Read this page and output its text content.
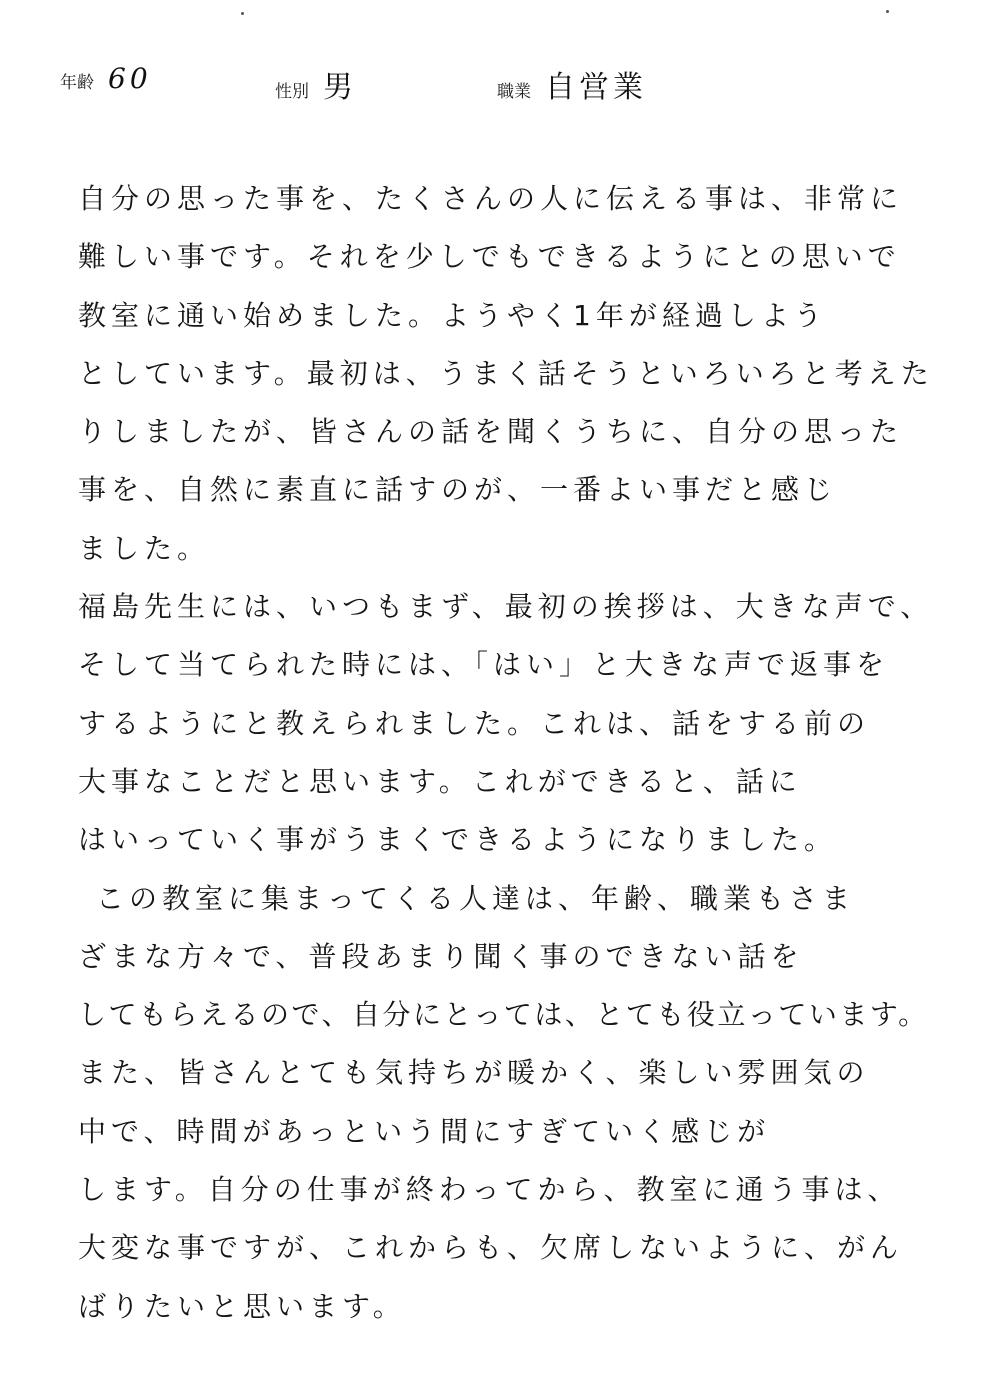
年齢 60	性別 男	職業 自営業
自分の思った事を、たくさんの人に伝える事は、非常に
難しい事です。それを少しでもできるようにとの思いで
教室に通い始めました。ようやく1年が経過しよう
としています。最初は、うまく話そうといろいろと考えた
りしましたが、皆さんの話を聞くうちに、自分の思った
事を、自然に素直に話すのが、一番よい事だと感じ
ました。
福島先生には、いつもまず、最初の挨拶は、大きな声で、
そして当てられた時には、「はい」と大きな声で返事を
するようにと教えられました。これは、話をする前の
大事なことだと思います。これができると、話に
はいっていく事がうまくできるようになりました。
この教室に集まってくる人達は、年齢、職業もさま
ざまな方々で、普段あまり聞く事のできない話を
してもらえるので、自分にとっては、とても役立っています。
また、皆さんとても気持ちが暖かく、楽しい雰囲気の
中で、時間があっという間にすぎていく感じが
します。自分の仕事が終わってから、教室に通う事は、
大変な事ですが、これからも、欠席しないように、がん
ばりたいと思います。
